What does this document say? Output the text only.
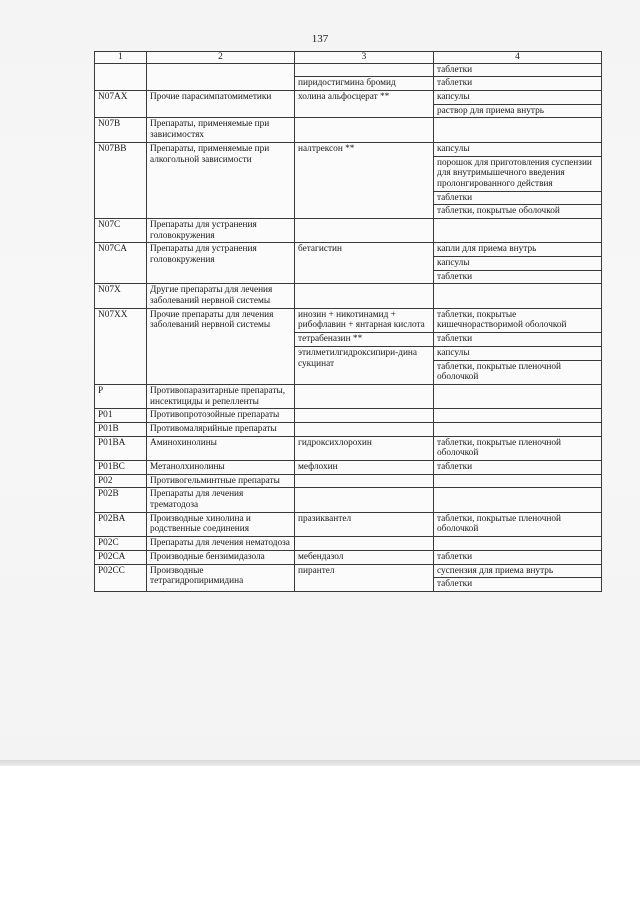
137
1	2	3	4

			таблетки

		пиридостигмина бромид	таблетки

N07AX	Прочие парасимпатомиметики	холина альфосцерат **	капсулы
раствор для приема внутрь

N07B	Препараты, применяемые при зависимостях		
N07BB	Препараты, применяемые при алкогольной зависимости	налтрексон **	капсулы
порошок для приготовления суспензии для внутримышечного введения пролонгированного действия
таблетки
таблетки, покрытые оболочкой

N07C	Препараты для устранения головокружения		
N07CA	Препараты для устранения головокружения	бетагистин	капли для приема внутрь
капсулы
таблетки

N07X	Другие препараты для лечения заболеваний нервной системы		
N07XX	Прочие препараты для лечения заболеваний нервной системы	инозин + никотинамид + рибофлавин + янтарная кислота	таблетки, покрытые кишечнорастворимой оболочкой

		тетрабеназин **	таблетки

		этилметилгидроксипири-дина сукцинат	капсулы
таблетки, покрытые пленочной оболочкой

P	Противопаразитарные препараты, инсектициды и репелленты		
P01	Противопротозойные препараты		
P01B	Противомалярийные препараты		
P01BA	Аминохинолины	гидроксихлорохин	таблетки, покрытые пленочной оболочкой

P01BC	Метанолхинолины	мефлохин	таблетки

P02	Противогельминтные препараты		
P02B	Препараты для лечения трематодоза		
P02BA	Производные хинолина и родственные соединения	празиквантел	таблетки, покрытые пленочной оболочкой

P02C	Препараты для лечения нематодоза		
P02CA	Производные бензимидазола	мебендазол	таблетки

P02CC	Производные тетрагидропиримидина	пирантел	суспензия для приема внутрь
таблетки
